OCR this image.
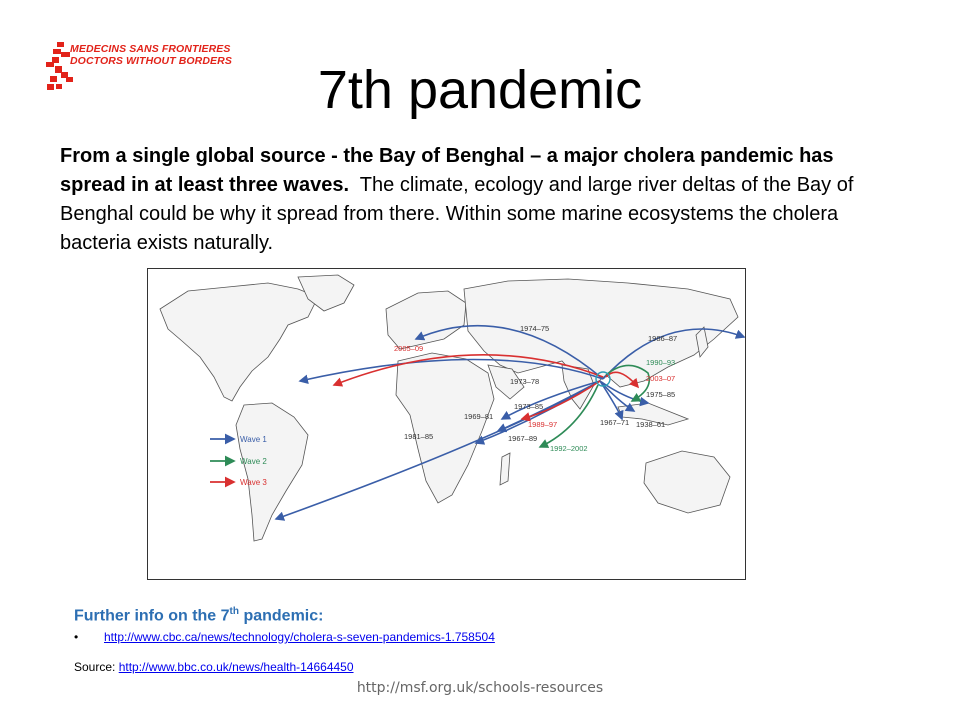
MEDECINS SANS FRONTIERES
DOCTORS WITHOUT BORDERS	7th pandemic
From a single global source - the Bay of Benghal – a major cholera pandemic has spread in at least three waves. The climate, ecology and large river deltas of the Bay of Benghal could be why it spread from there. Within some marine ecosystems the cholera bacteria exists naturally.
1974–75
1986–87
2005–09
1990–93
2003–07
1973–78
1975–85
1969–81
1973–85
1989–97
1981–85	1967–89
1967–71 1938–61
1992–2002
Wave 1
Wave 2
Wave 3
Further info on the 7th pandemic:
• http://www.cbc.ca/news/technology/cholera-s-seven-pandemics-1.758504
Source: http://www.bbc.co.uk/news/health-14664450
http://msf.org.uk/schools-resources
